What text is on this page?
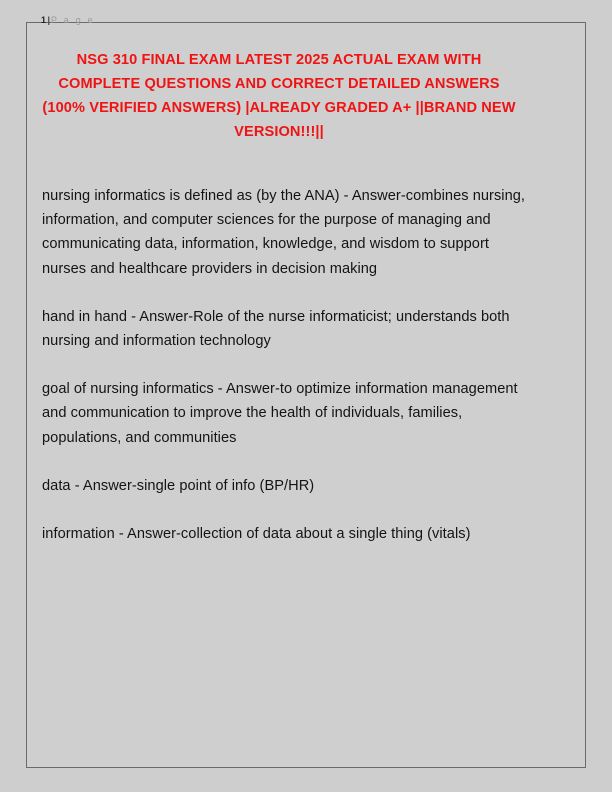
1|P a g e
NSG 310 FINAL EXAM LATEST 2025 ACTUAL EXAM WITH COMPLETE QUESTIONS AND CORRECT DETAILED ANSWERS (100% VERIFIED ANSWERS) |ALREADY GRADED A+ ||BRAND NEW VERSION!!!||

nursing informatics is defined as (by the ANA) - Answer-combines nursing, information, and computer sciences for the purpose of managing and communicating data, information, knowledge, and wisdom to support nurses and healthcare providers in decision making

hand in hand - Answer-Role of the nurse informaticist; understands both nursing and information technology

goal of nursing informatics - Answer-to optimize information management and communication to improve the health of individuals, families, populations, and communities

data - Answer-single point of info (BP/HR)

information - Answer-collection of data about a single thing (vitals)
